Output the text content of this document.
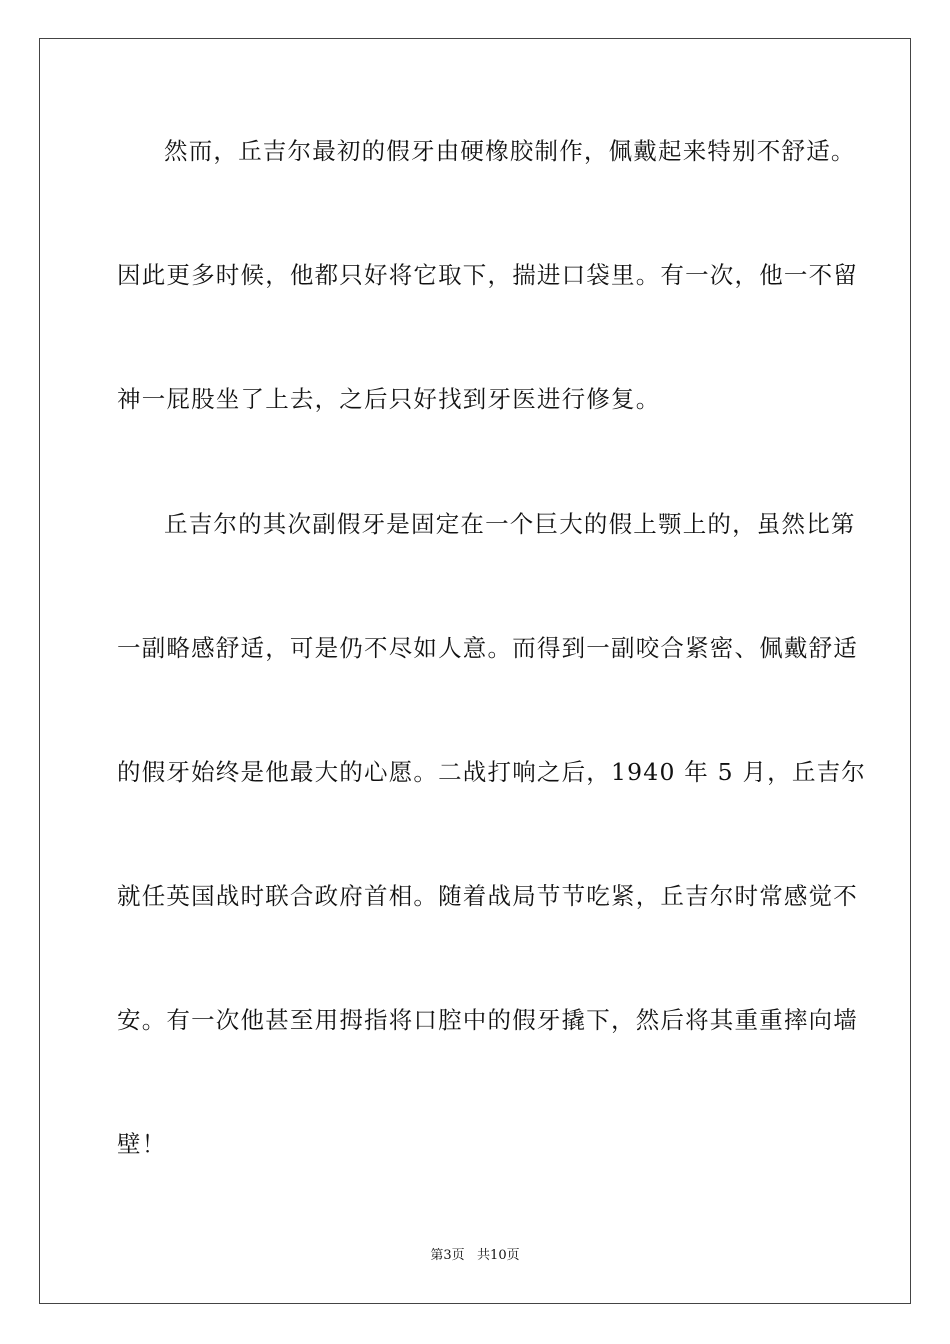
然而，丘吉尔最初的假牙由硬橡胶制作，佩戴起来特别不舒适。
因此更多时候，他都只好将它取下，揣进口袋里。有一次，他一不留
神一屁股坐了上去，之后只好找到牙医进行修复。
丘吉尔的其次副假牙是固定在一个巨大的假上颚上的，虽然比第
一副略感舒适，可是仍不尽如人意。而得到一副咬合紧密、佩戴舒适
的假牙始终是他最大的心愿。二战打响之后，1940 年 5 月，丘吉尔
就任英国战时联合政府首相。随着战局节节吃紧，丘吉尔时常感觉不
安。有一次他甚至用拇指将口腔中的假牙撬下，然后将其重重摔向墙
壁！
第3页   共10页
